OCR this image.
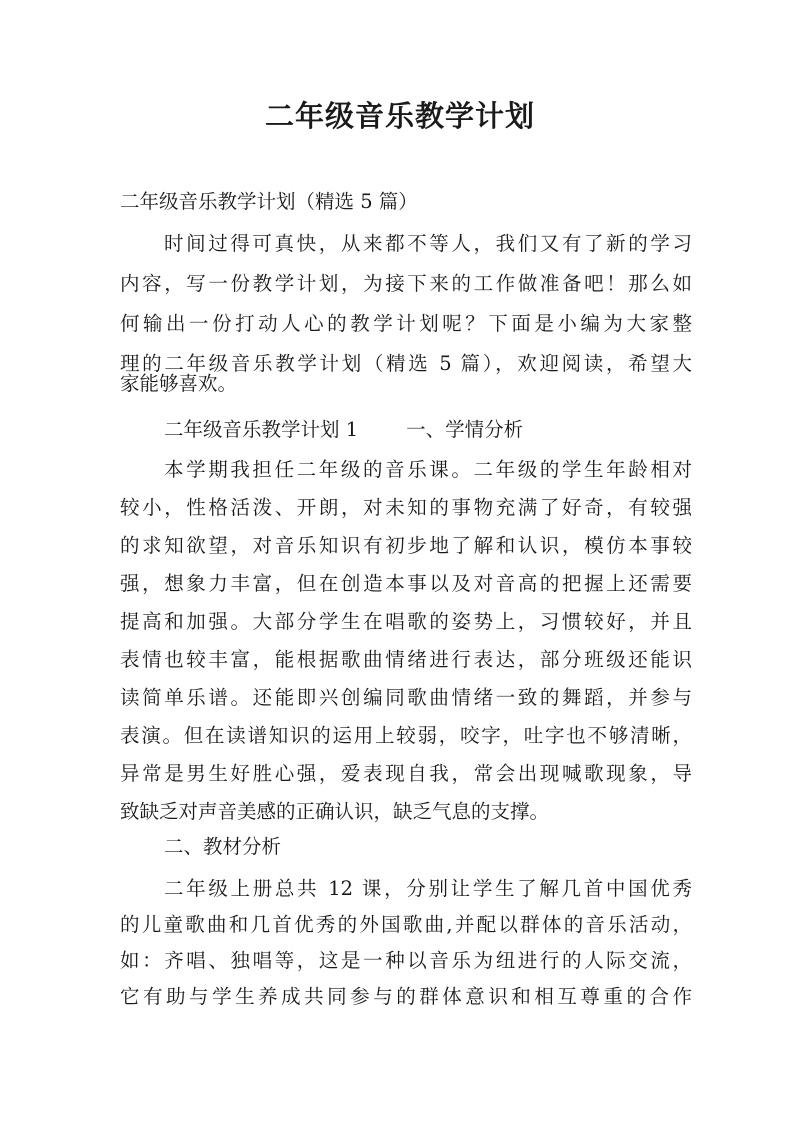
二年级音乐教学计划
二年级音乐教学计划（精选 5 篇）
时间过得可真快，从来都不等人，我们又有了新的学习
内容，写一份教学计划，为接下来的工作做准备吧！那么如
何输出一份打动人心的教学计划呢？下面是小编为大家整
理的二年级音乐教学计划（精选 5 篇），欢迎阅读，希望大
家能够喜欢。
二年级音乐教学计划 1 一、学情分析
本学期我担任二年级的音乐课。二年级的学生年龄相对
较小，性格活泼、开朗，对未知的事物充满了好奇，有较强
的求知欲望，对音乐知识有初步地了解和认识，模仿本事较
强，想象力丰富，但在创造本事以及对音高的把握上还需要
提高和加强。大部分学生在唱歌的姿势上，习惯较好，并且
表情也较丰富，能根据歌曲情绪进行表达，部分班级还能识
读简单乐谱。还能即兴创编同歌曲情绪一致的舞蹈，并参与
表演。但在读谱知识的运用上较弱，咬字，吐字也不够清晰，
异常是男生好胜心强，爱表现自我，常会出现喊歌现象，导
致缺乏对声音美感的正确认识，缺乏气息的支撑。
二、教材分析
二年级上册总共 12 课，分别让学生了解几首中国优秀
的儿童歌曲和几首优秀的外国歌曲,并配以群体的音乐活动，
如：齐唱、独唱等，这是一种以音乐为纽进行的人际交流，
它有助与学生养成共同参与的群体意识和相互尊重的合作
